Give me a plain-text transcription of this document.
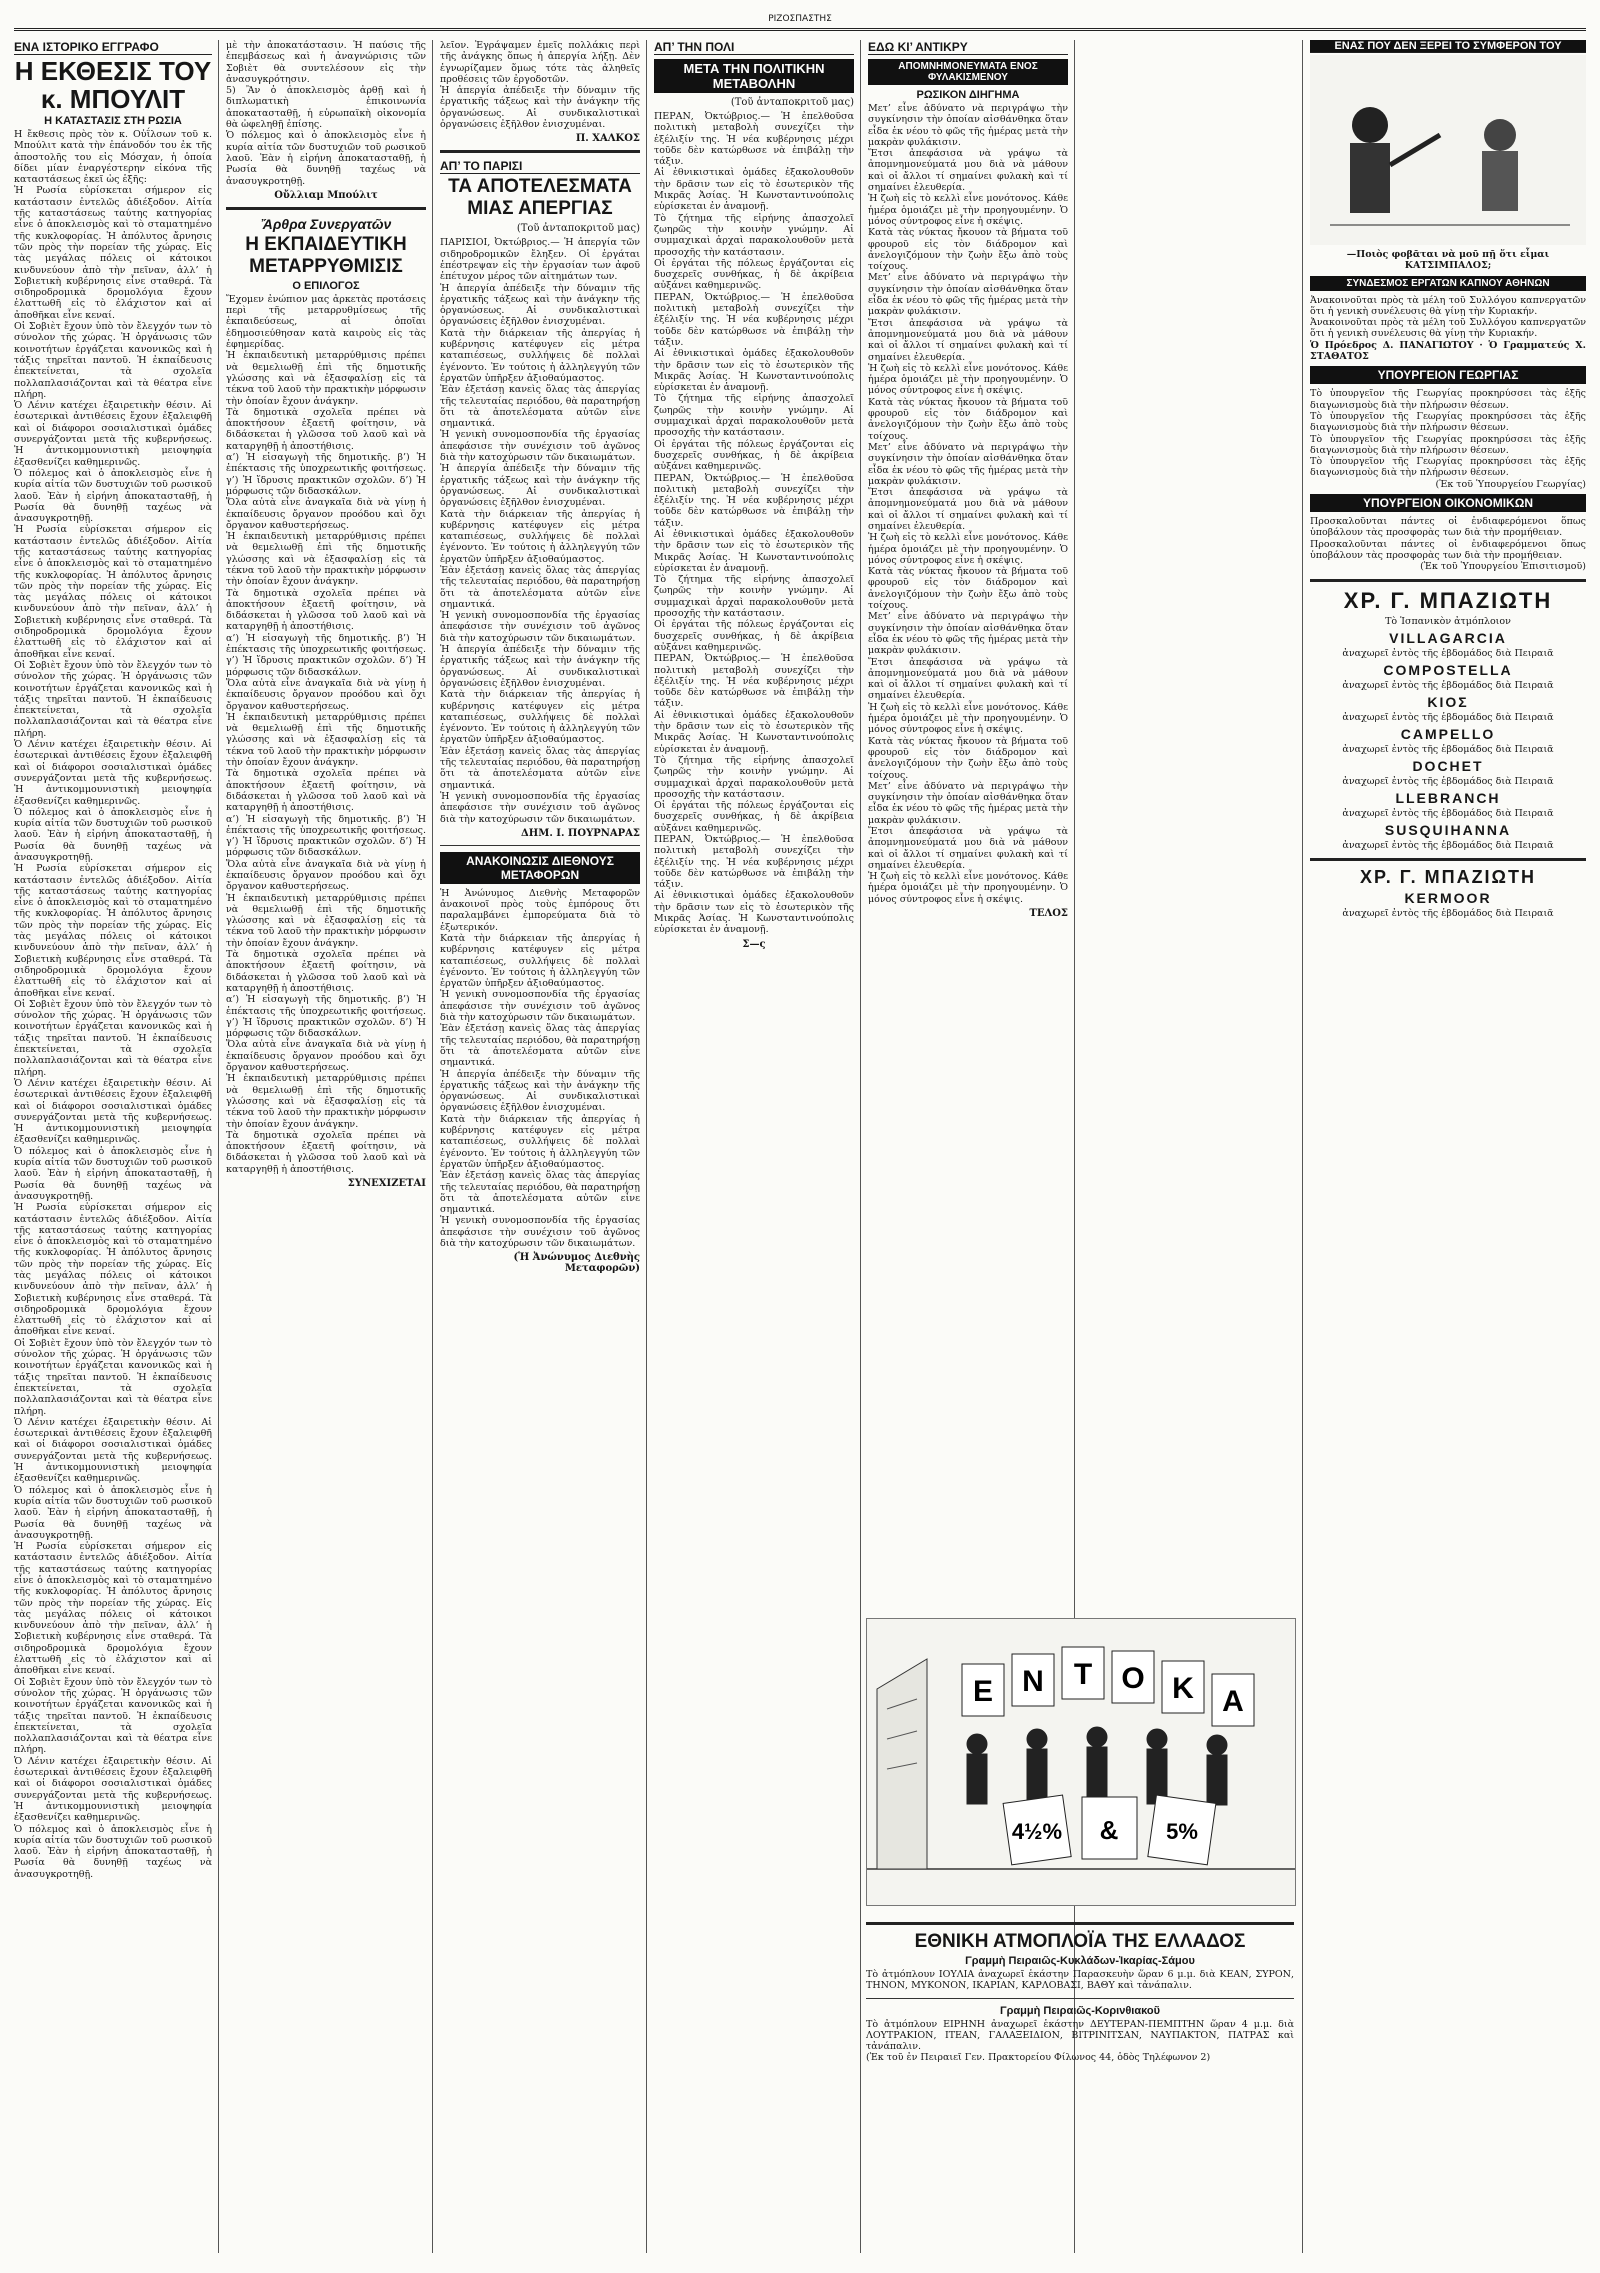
ΡΙΖΟΣΠΑΣΤΗΣ
ΕΝΑ ΙΣΤΟΡΙΚΟ ΕΓΓΡΑΦΟ
Η ΕΚΘΕΣΙΣ ΤΟΥ κ. ΜΠΟΥΛΙΤ
Η ΚΑΤΑΣΤΑΣΙΣ ΣΤΗ ΡΩΣΙΑ

Η ἔκθεσις πρὸς τὸν κ. Οὐΐλσων τοῦ κ. Μπούλιτ κατὰ τὴν ἐπάνοδόν του ἐκ τῆς ἀποστολῆς του εἰς Μόσχαν, ἡ ὁποία δίδει μίαν ἐναργέστερην εἰκόνα τῆς καταστάσεως ἐκεῖ ὡς ἑξῆς:

Ἡ Ρωσία εὑρίσκεται σήμερον εἰς κατάστασιν ἐντελῶς ἀδιέξοδον. Αἰτία τῆς καταστάσεως ταύτης κατηγορίας εἶνε ὁ ἀποκλεισμὸς καὶ τὸ σταματημένο τῆς κυκλοφορίας. Ἡ ἀπόλυτος ἄρνησις τῶν πρὸς τὴν πορείαν τῆς χώρας. Εἰς τὰς μεγάλας πόλεις οἱ κάτοικοι κινδυνεύουν ἀπὸ τὴν πεῖναν, ἀλλ’ ἡ Σοβιετικὴ κυβέρνησις εἶνε σταθερά. Τὰ σιδηροδρομικὰ δρομολόγια ἔχουν ἐλαττωθῆ εἰς τὸ ἐλάχιστον καὶ αἱ ἀποθῆκαι εἶνε κεναί.

Οἱ Σοβιὲτ ἔχουν ὑπὸ τὸν ἔλεγχόν των τὸ σύνολον τῆς χώρας. Ἡ ὀργάνωσις τῶν κοινοτήτων ἐργάζεται κανονικῶς καὶ ἡ τάξις τηρεῖται παντοῦ. Ἡ ἐκπαίδευσις ἐπεκτείνεται, τὰ σχολεῖα πολλαπλασιάζονται καὶ τὰ θέατρα εἶνε πλήρη.

Ὁ Λένιν κατέχει ἐξαιρετικὴν θέσιν. Αἱ ἐσωτερικαὶ ἀντιθέσεις ἔχουν ἐξαλειφθῆ καὶ οἱ διάφοροι σοσιαλιστικαὶ ὁμάδες συνεργάζονται μετὰ τῆς κυβερνήσεως. Ἡ ἀντικομμουνιστικὴ μειοψηφία ἐξασθενίζει καθημερινῶς.

Ὁ πόλεμος καὶ ὁ ἀποκλεισμὸς εἶνε ἡ κυρία αἰτία τῶν δυστυχιῶν τοῦ ρωσικοῦ λαοῦ. Ἐὰν ἡ εἰρήνη ἀποκατασταθῇ, ἡ Ρωσία θὰ δυνηθῇ ταχέως νὰ ἀνασυγκροτηθῇ.

Ἡ Ρωσία εὑρίσκεται σήμερον εἰς κατάστασιν ἐντελῶς ἀδιέξοδον. Αἰτία τῆς καταστάσεως ταύτης κατηγορίας εἶνε ὁ ἀποκλεισμὸς καὶ τὸ σταματημένο τῆς κυκλοφορίας. Ἡ ἀπόλυτος ἄρνησις τῶν πρὸς τὴν πορείαν τῆς χώρας. Εἰς τὰς μεγάλας πόλεις οἱ κάτοικοι κινδυνεύουν ἀπὸ τὴν πεῖναν, ἀλλ’ ἡ Σοβιετικὴ κυβέρνησις εἶνε σταθερά. Τὰ σιδηροδρομικὰ δρομολόγια ἔχουν ἐλαττωθῆ εἰς τὸ ἐλάχιστον καὶ αἱ ἀποθῆκαι εἶνε κεναί.

Οἱ Σοβιὲτ ἔχουν ὑπὸ τὸν ἔλεγχόν των τὸ σύνολον τῆς χώρας. Ἡ ὀργάνωσις τῶν κοινοτήτων ἐργάζεται κανονικῶς καὶ ἡ τάξις τηρεῖται παντοῦ. Ἡ ἐκπαίδευσις ἐπεκτείνεται, τὰ σχολεῖα πολλαπλασιάζονται καὶ τὰ θέατρα εἶνε πλήρη.

Ὁ Λένιν κατέχει ἐξαιρετικὴν θέσιν. Αἱ ἐσωτερικαὶ ἀντιθέσεις ἔχουν ἐξαλειφθῆ καὶ οἱ διάφοροι σοσιαλιστικαὶ ὁμάδες συνεργάζονται μετὰ τῆς κυβερνήσεως. Ἡ ἀντικομμουνιστικὴ μειοψηφία ἐξασθενίζει καθημερινῶς.

Ὁ πόλεμος καὶ ὁ ἀποκλεισμὸς εἶνε ἡ κυρία αἰτία τῶν δυστυχιῶν τοῦ ρωσικοῦ λαοῦ. Ἐὰν ἡ εἰρήνη ἀποκατασταθῇ, ἡ Ρωσία θὰ δυνηθῇ ταχέως νὰ ἀνασυγκροτηθῇ.

Ἡ Ρωσία εὑρίσκεται σήμερον εἰς κατάστασιν ἐντελῶς ἀδιέξοδον. Αἰτία τῆς καταστάσεως ταύτης κατηγορίας εἶνε ὁ ἀποκλεισμὸς καὶ τὸ σταματημένο τῆς κυκλοφορίας. Ἡ ἀπόλυτος ἄρνησις τῶν πρὸς τὴν πορείαν τῆς χώρας. Εἰς τὰς μεγάλας πόλεις οἱ κάτοικοι κινδυνεύουν ἀπὸ τὴν πεῖναν, ἀλλ’ ἡ Σοβιετικὴ κυβέρνησις εἶνε σταθερά. Τὰ σιδηροδρομικὰ δρομολόγια ἔχουν ἐλαττωθῆ εἰς τὸ ἐλάχιστον καὶ αἱ ἀποθῆκαι εἶνε κεναί.

Οἱ Σοβιὲτ ἔχουν ὑπὸ τὸν ἔλεγχόν των τὸ σύνολον τῆς χώρας. Ἡ ὀργάνωσις τῶν κοινοτήτων ἐργάζεται κανονικῶς καὶ ἡ τάξις τηρεῖται παντοῦ. Ἡ ἐκπαίδευσις ἐπεκτείνεται, τὰ σχολεῖα πολλαπλασιάζονται καὶ τὰ θέατρα εἶνε πλήρη.

Ὁ Λένιν κατέχει ἐξαιρετικὴν θέσιν. Αἱ ἐσωτερικαὶ ἀντιθέσεις ἔχουν ἐξαλειφθῆ καὶ οἱ διάφοροι σοσιαλιστικαὶ ὁμάδες συνεργάζονται μετὰ τῆς κυβερνήσεως. Ἡ ἀντικομμουνιστικὴ μειοψηφία ἐξασθενίζει καθημερινῶς.

Ὁ πόλεμος καὶ ὁ ἀποκλεισμὸς εἶνε ἡ κυρία αἰτία τῶν δυστυχιῶν τοῦ ρωσικοῦ λαοῦ. Ἐὰν ἡ εἰρήνη ἀποκατασταθῇ, ἡ Ρωσία θὰ δυνηθῇ ταχέως νὰ ἀνασυγκροτηθῇ.

Ἡ Ρωσία εὑρίσκεται σήμερον εἰς κατάστασιν ἐντελῶς ἀδιέξοδον. Αἰτία τῆς καταστάσεως ταύτης κατηγορίας εἶνε ὁ ἀποκλεισμὸς καὶ τὸ σταματημένο τῆς κυκλοφορίας. Ἡ ἀπόλυτος ἄρνησις τῶν πρὸς τὴν πορείαν τῆς χώρας. Εἰς τὰς μεγάλας πόλεις οἱ κάτοικοι κινδυνεύουν ἀπὸ τὴν πεῖναν, ἀλλ’ ἡ Σοβιετικὴ κυβέρνησις εἶνε σταθερά. Τὰ σιδηροδρομικὰ δρομολόγια ἔχουν ἐλαττωθῆ εἰς τὸ ἐλάχιστον καὶ αἱ ἀποθῆκαι εἶνε κεναί.

Οἱ Σοβιὲτ ἔχουν ὑπὸ τὸν ἔλεγχόν των τὸ σύνολον τῆς χώρας. Ἡ ὀργάνωσις τῶν κοινοτήτων ἐργάζεται κανονικῶς καὶ ἡ τάξις τηρεῖται παντοῦ. Ἡ ἐκπαίδευσις ἐπεκτείνεται, τὰ σχολεῖα πολλαπλασιάζονται καὶ τὰ θέατρα εἶνε πλήρη.

Ὁ Λένιν κατέχει ἐξαιρετικὴν θέσιν. Αἱ ἐσωτερικαὶ ἀντιθέσεις ἔχουν ἐξαλειφθῆ καὶ οἱ διάφοροι σοσιαλιστικαὶ ὁμάδες συνεργάζονται μετὰ τῆς κυβερνήσεως. Ἡ ἀντικομμουνιστικὴ μειοψηφία ἐξασθενίζει καθημερινῶς.

Ὁ πόλεμος καὶ ὁ ἀποκλεισμὸς εἶνε ἡ κυρία αἰτία τῶν δυστυχιῶν τοῦ ρωσικοῦ λαοῦ. Ἐὰν ἡ εἰρήνη ἀποκατασταθῇ, ἡ Ρωσία θὰ δυνηθῇ ταχέως νὰ ἀνασυγκροτηθῇ.

Ἡ Ρωσία εὑρίσκεται σήμερον εἰς κατάστασιν ἐντελῶς ἀδιέξοδον. Αἰτία τῆς καταστάσεως ταύτης κατηγορίας εἶνε ὁ ἀποκλεισμὸς καὶ τὸ σταματημένο τῆς κυκλοφορίας. Ἡ ἀπόλυτος ἄρνησις τῶν πρὸς τὴν πορείαν τῆς χώρας. Εἰς τὰς μεγάλας πόλεις οἱ κάτοικοι κινδυνεύουν ἀπὸ τὴν πεῖναν, ἀλλ’ ἡ Σοβιετικὴ κυβέρνησις εἶνε σταθερά. Τὰ σιδηροδρομικὰ δρομολόγια ἔχουν ἐλαττωθῆ εἰς τὸ ἐλάχιστον καὶ αἱ ἀποθῆκαι εἶνε κεναί.

Οἱ Σοβιὲτ ἔχουν ὑπὸ τὸν ἔλεγχόν των τὸ σύνολον τῆς χώρας. Ἡ ὀργάνωσις τῶν κοινοτήτων ἐργάζεται κανονικῶς καὶ ἡ τάξις τηρεῖται παντοῦ. Ἡ ἐκπαίδευσις ἐπεκτείνεται, τὰ σχολεῖα πολλαπλασιάζονται καὶ τὰ θέατρα εἶνε πλήρη.

Ὁ Λένιν κατέχει ἐξαιρετικὴν θέσιν. Αἱ ἐσωτερικαὶ ἀντιθέσεις ἔχουν ἐξαλειφθῆ καὶ οἱ διάφοροι σοσιαλιστικαὶ ὁμάδες συνεργάζονται μετὰ τῆς κυβερνήσεως. Ἡ ἀντικομμουνιστικὴ μειοψηφία ἐξασθενίζει καθημερινῶς.

Ὁ πόλεμος καὶ ὁ ἀποκλεισμὸς εἶνε ἡ κυρία αἰτία τῶν δυστυχιῶν τοῦ ρωσικοῦ λαοῦ. Ἐὰν ἡ εἰρήνη ἀποκατασταθῇ, ἡ Ρωσία θὰ δυνηθῇ ταχέως νὰ ἀνασυγκροτηθῇ.

μὲ τὴν ἀποκατάστασιν. Ἡ παύσις τῆς ἐπεμβάσεως καὶ ἡ ἀναγνώρισις τῶν Σοβιὲτ θὰ συντελέσουν εἰς τὴν ἀνασυγκρότησιν.

5) Ἂν ὁ ἀποκλεισμὸς ἀρθῇ καὶ ἡ διπλωματικὴ ἐπικοινωνία ἀποκατασταθῇ, ἡ εὐρωπαϊκὴ οἰκονομία θὰ ὠφεληθῇ ἐπίσης.

Ὁ πόλεμος καὶ ὁ ἀποκλεισμὸς εἶνε ἡ κυρία αἰτία τῶν δυστυχιῶν τοῦ ρωσικοῦ λαοῦ. Ἐὰν ἡ εἰρήνη ἀποκατασταθῇ, ἡ Ρωσία θὰ δυνηθῇ ταχέως νὰ ἀνασυγκροτηθῇ.

Οὔλλιαμ Μπούλιτ
Ἄρθρα Συνεργατῶν
Η ΕΚΠΑΙΔΕΥΤΙΚΗ ΜΕΤΑΡΡΥΘΜΙΣΙΣ
Ο ΕΠΙΛΟΓΟΣ

Ἔχομεν ἐνώπιον μας ἀρκετὰς προτάσεις περὶ τῆς μεταρρυθμίσεως τῆς ἐκπαιδεύσεως, αἱ ὁποῖαι ἐδημοσιεύθησαν κατὰ καιροὺς εἰς τὰς ἐφημερίδας.

Ἡ ἐκπαιδευτικὴ μεταρρύθμισις πρέπει νὰ θεμελιωθῇ ἐπὶ τῆς δημοτικῆς γλώσσης καὶ νὰ ἐξασφαλίσῃ εἰς τὰ τέκνα τοῦ λαοῦ τὴν πρακτικὴν μόρφωσιν τὴν ὁποίαν ἔχουν ἀνάγκην.

Τὰ δημοτικὰ σχολεῖα πρέπει νὰ ἀποκτήσουν ἑξαετῆ φοίτησιν, νὰ διδάσκεται ἡ γλῶσσα τοῦ λαοῦ καὶ νὰ καταργηθῇ ἡ ἀποστήθισις.

α’) Ἡ εἰσαγωγὴ τῆς δημοτικῆς. β’) Ἡ ἐπέκτασις τῆς ὑποχρεωτικῆς φοιτήσεως. γ’) Ἡ ἵδρυσις πρακτικῶν σχολῶν. δ’) Ἡ μόρφωσις τῶν διδασκάλων.

Ὅλα αὐτὰ εἶνε ἀναγκαῖα διὰ νὰ γίνῃ ἡ ἐκπαίδευσις ὄργανον προόδου καὶ ὄχι ὄργανον καθυστερήσεως.

Ἡ ἐκπαιδευτικὴ μεταρρύθμισις πρέπει νὰ θεμελιωθῇ ἐπὶ τῆς δημοτικῆς γλώσσης καὶ νὰ ἐξασφαλίσῃ εἰς τὰ τέκνα τοῦ λαοῦ τὴν πρακτικὴν μόρφωσιν τὴν ὁποίαν ἔχουν ἀνάγκην.

Τὰ δημοτικὰ σχολεῖα πρέπει νὰ ἀποκτήσουν ἑξαετῆ φοίτησιν, νὰ διδάσκεται ἡ γλῶσσα τοῦ λαοῦ καὶ νὰ καταργηθῇ ἡ ἀποστήθισις.

α’) Ἡ εἰσαγωγὴ τῆς δημοτικῆς. β’) Ἡ ἐπέκτασις τῆς ὑποχρεωτικῆς φοιτήσεως. γ’) Ἡ ἵδρυσις πρακτικῶν σχολῶν. δ’) Ἡ μόρφωσις τῶν διδασκάλων.

Ὅλα αὐτὰ εἶνε ἀναγκαῖα διὰ νὰ γίνῃ ἡ ἐκπαίδευσις ὄργανον προόδου καὶ ὄχι ὄργανον καθυστερήσεως.

Ἡ ἐκπαιδευτικὴ μεταρρύθμισις πρέπει νὰ θεμελιωθῇ ἐπὶ τῆς δημοτικῆς γλώσσης καὶ νὰ ἐξασφαλίσῃ εἰς τὰ τέκνα τοῦ λαοῦ τὴν πρακτικὴν μόρφωσιν τὴν ὁποίαν ἔχουν ἀνάγκην.

Τὰ δημοτικὰ σχολεῖα πρέπει νὰ ἀποκτήσουν ἑξαετῆ φοίτησιν, νὰ διδάσκεται ἡ γλῶσσα τοῦ λαοῦ καὶ νὰ καταργηθῇ ἡ ἀποστήθισις.

α’) Ἡ εἰσαγωγὴ τῆς δημοτικῆς. β’) Ἡ ἐπέκτασις τῆς ὑποχρεωτικῆς φοιτήσεως. γ’) Ἡ ἵδρυσις πρακτικῶν σχολῶν. δ’) Ἡ μόρφωσις τῶν διδασκάλων.

Ὅλα αὐτὰ εἶνε ἀναγκαῖα διὰ νὰ γίνῃ ἡ ἐκπαίδευσις ὄργανον προόδου καὶ ὄχι ὄργανον καθυστερήσεως.

Ἡ ἐκπαιδευτικὴ μεταρρύθμισις πρέπει νὰ θεμελιωθῇ ἐπὶ τῆς δημοτικῆς γλώσσης καὶ νὰ ἐξασφαλίσῃ εἰς τὰ τέκνα τοῦ λαοῦ τὴν πρακτικὴν μόρφωσιν τὴν ὁποίαν ἔχουν ἀνάγκην.

Τὰ δημοτικὰ σχολεῖα πρέπει νὰ ἀποκτήσουν ἑξαετῆ φοίτησιν, νὰ διδάσκεται ἡ γλῶσσα τοῦ λαοῦ καὶ νὰ καταργηθῇ ἡ ἀποστήθισις.

α’) Ἡ εἰσαγωγὴ τῆς δημοτικῆς. β’) Ἡ ἐπέκτασις τῆς ὑποχρεωτικῆς φοιτήσεως. γ’) Ἡ ἵδρυσις πρακτικῶν σχολῶν. δ’) Ἡ μόρφωσις τῶν διδασκάλων.

Ὅλα αὐτὰ εἶνε ἀναγκαῖα διὰ νὰ γίνῃ ἡ ἐκπαίδευσις ὄργανον προόδου καὶ ὄχι ὄργανον καθυστερήσεως.

Ἡ ἐκπαιδευτικὴ μεταρρύθμισις πρέπει νὰ θεμελιωθῇ ἐπὶ τῆς δημοτικῆς γλώσσης καὶ νὰ ἐξασφαλίσῃ εἰς τὰ τέκνα τοῦ λαοῦ τὴν πρακτικὴν μόρφωσιν τὴν ὁποίαν ἔχουν ἀνάγκην.

Τὰ δημοτικὰ σχολεῖα πρέπει νὰ ἀποκτήσουν ἑξαετῆ φοίτησιν, νὰ διδάσκεται ἡ γλῶσσα τοῦ λαοῦ καὶ νὰ καταργηθῇ ἡ ἀποστήθισις.

ΣΥΝΕΧΙΖΕΤΑΙ

λεῖον. Ἐγράψαμεν ἐμεῖς πολλάκις περὶ τῆς ἀνάγκης ὅπως ἡ ἀπεργία λήξῃ. Δὲν ἐγνωρίζαμεν ὅμως τότε τὰς ἀληθεῖς προθέσεις τῶν ἐργοδοτῶν.

Ἡ ἀπεργία ἀπέδειξε τὴν δύναμιν τῆς ἐργατικῆς τάξεως καὶ τὴν ἀνάγκην τῆς ὀργανώσεως. Αἱ συνδικαλιστικαὶ ὀργανώσεις ἐξῆλθον ἐνισχυμέναι.

Π. ΧΑΛΚΟΣ
ΑΠ’ ΤΟ ΠΑΡΙΣΙ
ΤΑ ΑΠΟΤΕΛΕΣΜΑΤΑ ΜΙΑΣ ΑΠΕΡΓΙΑΣ
(Τοῦ ἀνταποκριτοῦ μας)

ΠΑΡΙΣΙΟΙ, Ὀκτώβριος.— Ἡ ἀπεργία τῶν σιδηροδρομικῶν ἔληξεν. Οἱ ἐργάται ἐπέστρεψαν εἰς τὴν ἐργασίαν των ἀφοῦ ἐπέτυχον μέρος τῶν αἰτημάτων των.

Ἡ ἀπεργία ἀπέδειξε τὴν δύναμιν τῆς ἐργατικῆς τάξεως καὶ τὴν ἀνάγκην τῆς ὀργανώσεως. Αἱ συνδικαλιστικαὶ ὀργανώσεις ἐξῆλθον ἐνισχυμέναι.

Κατὰ τὴν διάρκειαν τῆς ἀπεργίας ἡ κυβέρνησις κατέφυγεν εἰς μέτρα καταπιέσεως, συλλήψεις δὲ πολλαὶ ἐγένοντο. Ἐν τούτοις ἡ ἀλληλεγγύη τῶν ἐργατῶν ὑπῆρξεν ἀξιοθαύμαστος.

Ἐὰν ἐξετάσῃ κανεὶς ὅλας τὰς ἀπεργίας τῆς τελευταίας περιόδου, θὰ παρατηρήσῃ ὅτι τὰ ἀποτελέσματα αὐτῶν εἶνε σημαντικά.

Ἡ γενικὴ συνομοσπονδία τῆς ἐργασίας ἀπεφάσισε τὴν συνέχισιν τοῦ ἀγῶνος διὰ τὴν κατοχύρωσιν τῶν δικαιωμάτων.

Ἡ ἀπεργία ἀπέδειξε τὴν δύναμιν τῆς ἐργατικῆς τάξεως καὶ τὴν ἀνάγκην τῆς ὀργανώσεως. Αἱ συνδικαλιστικαὶ ὀργανώσεις ἐξῆλθον ἐνισχυμέναι.

Κατὰ τὴν διάρκειαν τῆς ἀπεργίας ἡ κυβέρνησις κατέφυγεν εἰς μέτρα καταπιέσεως, συλλήψεις δὲ πολλαὶ ἐγένοντο. Ἐν τούτοις ἡ ἀλληλεγγύη τῶν ἐργατῶν ὑπῆρξεν ἀξιοθαύμαστος.

Ἐὰν ἐξετάσῃ κανεὶς ὅλας τὰς ἀπεργίας τῆς τελευταίας περιόδου, θὰ παρατηρήσῃ ὅτι τὰ ἀποτελέσματα αὐτῶν εἶνε σημαντικά.

Ἡ γενικὴ συνομοσπονδία τῆς ἐργασίας ἀπεφάσισε τὴν συνέχισιν τοῦ ἀγῶνος διὰ τὴν κατοχύρωσιν τῶν δικαιωμάτων.

Ἡ ἀπεργία ἀπέδειξε τὴν δύναμιν τῆς ἐργατικῆς τάξεως καὶ τὴν ἀνάγκην τῆς ὀργανώσεως. Αἱ συνδικαλιστικαὶ ὀργανώσεις ἐξῆλθον ἐνισχυμέναι.

Κατὰ τὴν διάρκειαν τῆς ἀπεργίας ἡ κυβέρνησις κατέφυγεν εἰς μέτρα καταπιέσεως, συλλήψεις δὲ πολλαὶ ἐγένοντο. Ἐν τούτοις ἡ ἀλληλεγγύη τῶν ἐργατῶν ὑπῆρξεν ἀξιοθαύμαστος.

Ἐὰν ἐξετάσῃ κανεὶς ὅλας τὰς ἀπεργίας τῆς τελευταίας περιόδου, θὰ παρατηρήσῃ ὅτι τὰ ἀποτελέσματα αὐτῶν εἶνε σημαντικά.

Ἡ γενικὴ συνομοσπονδία τῆς ἐργασίας ἀπεφάσισε τὴν συνέχισιν τοῦ ἀγῶνος διὰ τὴν κατοχύρωσιν τῶν δικαιωμάτων.

ΔΗΜ. Ι. ΠΟΥΡΝΑΡΑΣ
ΑΝΑΚΟΙΝΩΣΙΣ ΔΙΕΘΝΟΥΣ ΜΕΤΑΦΟΡΩΝ

Ἡ Ἀνώνυμος Διεθνὴς Μεταφορῶν ἀνακοινοῖ πρὸς τοὺς ἐμπόρους ὅτι παραλαμβάνει ἐμπορεύματα διὰ τὸ ἐξωτερικόν.

Κατὰ τὴν διάρκειαν τῆς ἀπεργίας ἡ κυβέρνησις κατέφυγεν εἰς μέτρα καταπιέσεως, συλλήψεις δὲ πολλαὶ ἐγένοντο. Ἐν τούτοις ἡ ἀλληλεγγύη τῶν ἐργατῶν ὑπῆρξεν ἀξιοθαύμαστος.

Ἡ γενικὴ συνομοσπονδία τῆς ἐργασίας ἀπεφάσισε τὴν συνέχισιν τοῦ ἀγῶνος διὰ τὴν κατοχύρωσιν τῶν δικαιωμάτων.

Ἐὰν ἐξετάσῃ κανεὶς ὅλας τὰς ἀπεργίας τῆς τελευταίας περιόδου, θὰ παρατηρήσῃ ὅτι τὰ ἀποτελέσματα αὐτῶν εἶνε σημαντικά.

Ἡ ἀπεργία ἀπέδειξε τὴν δύναμιν τῆς ἐργατικῆς τάξεως καὶ τὴν ἀνάγκην τῆς ὀργανώσεως. Αἱ συνδικαλιστικαὶ ὀργανώσεις ἐξῆλθον ἐνισχυμέναι.

Κατὰ τὴν διάρκειαν τῆς ἀπεργίας ἡ κυβέρνησις κατέφυγεν εἰς μέτρα καταπιέσεως, συλλήψεις δὲ πολλαὶ ἐγένοντο. Ἐν τούτοις ἡ ἀλληλεγγύη τῶν ἐργατῶν ὑπῆρξεν ἀξιοθαύμαστος.

Ἐὰν ἐξετάσῃ κανεὶς ὅλας τὰς ἀπεργίας τῆς τελευταίας περιόδου, θὰ παρατηρήσῃ ὅτι τὰ ἀποτελέσματα αὐτῶν εἶνε σημαντικά.

Ἡ γενικὴ συνομοσπονδία τῆς ἐργασίας ἀπεφάσισε τὴν συνέχισιν τοῦ ἀγῶνος διὰ τὴν κατοχύρωσιν τῶν δικαιωμάτων.

(Ἡ Ἀνώνυμος Διεθνὴς Μεταφορῶν)
ΑΠ’ ΤΗΝ ΠΟΛΙ
ΜΕΤΑ ΤΗΝ ΠΟΛΙΤΙΚΗΝ ΜΕΤΑΒΟΛΗΝ
(Τοῦ ἀνταποκριτοῦ μας)

ΠΕΡΑΝ, Ὀκτώβριος.— Ἡ ἐπελθοῦσα πολιτικὴ μεταβολὴ συνεχίζει τὴν ἐξέλιξίν της. Ἡ νέα κυβέρνησις μέχρι τοῦδε δὲν κατώρθωσε νὰ ἐπιβάλῃ τὴν τάξιν.

Αἱ ἐθνικιστικαὶ ὁμάδες ἐξακολουθοῦν τὴν δρᾶσιν των εἰς τὸ ἐσωτερικὸν τῆς Μικρᾶς Ἀσίας. Ἡ Κωνσταντινούπολις εὑρίσκεται ἐν ἀναμονῇ.

Τὸ ζήτημα τῆς εἰρήνης ἀπασχολεῖ ζωηρῶς τὴν κοινὴν γνώμην. Αἱ συμμαχικαὶ ἀρχαὶ παρακολουθοῦν μετὰ προσοχῆς τὴν κατάστασιν.

Οἱ ἐργάται τῆς πόλεως ἐργάζονται εἰς δυσχερεῖς συνθήκας, ἡ δὲ ἀκρίβεια αὐξάνει καθημερινῶς.

ΠΕΡΑΝ, Ὀκτώβριος.— Ἡ ἐπελθοῦσα πολιτικὴ μεταβολὴ συνεχίζει τὴν ἐξέλιξίν της. Ἡ νέα κυβέρνησις μέχρι τοῦδε δὲν κατώρθωσε νὰ ἐπιβάλῃ τὴν τάξιν.

Αἱ ἐθνικιστικαὶ ὁμάδες ἐξακολουθοῦν τὴν δρᾶσιν των εἰς τὸ ἐσωτερικὸν τῆς Μικρᾶς Ἀσίας. Ἡ Κωνσταντινούπολις εὑρίσκεται ἐν ἀναμονῇ.

Τὸ ζήτημα τῆς εἰρήνης ἀπασχολεῖ ζωηρῶς τὴν κοινὴν γνώμην. Αἱ συμμαχικαὶ ἀρχαὶ παρακολουθοῦν μετὰ προσοχῆς τὴν κατάστασιν.

Οἱ ἐργάται τῆς πόλεως ἐργάζονται εἰς δυσχερεῖς συνθήκας, ἡ δὲ ἀκρίβεια αὐξάνει καθημερινῶς.

ΠΕΡΑΝ, Ὀκτώβριος.— Ἡ ἐπελθοῦσα πολιτικὴ μεταβολὴ συνεχίζει τὴν ἐξέλιξίν της. Ἡ νέα κυβέρνησις μέχρι τοῦδε δὲν κατώρθωσε νὰ ἐπιβάλῃ τὴν τάξιν.

Αἱ ἐθνικιστικαὶ ὁμάδες ἐξακολουθοῦν τὴν δρᾶσιν των εἰς τὸ ἐσωτερικὸν τῆς Μικρᾶς Ἀσίας. Ἡ Κωνσταντινούπολις εὑρίσκεται ἐν ἀναμονῇ.

Τὸ ζήτημα τῆς εἰρήνης ἀπασχολεῖ ζωηρῶς τὴν κοινὴν γνώμην. Αἱ συμμαχικαὶ ἀρχαὶ παρακολουθοῦν μετὰ προσοχῆς τὴν κατάστασιν.

Οἱ ἐργάται τῆς πόλεως ἐργάζονται εἰς δυσχερεῖς συνθήκας, ἡ δὲ ἀκρίβεια αὐξάνει καθημερινῶς.

ΠΕΡΑΝ, Ὀκτώβριος.— Ἡ ἐπελθοῦσα πολιτικὴ μεταβολὴ συνεχίζει τὴν ἐξέλιξίν της. Ἡ νέα κυβέρνησις μέχρι τοῦδε δὲν κατώρθωσε νὰ ἐπιβάλῃ τὴν τάξιν.

Αἱ ἐθνικιστικαὶ ὁμάδες ἐξακολουθοῦν τὴν δρᾶσιν των εἰς τὸ ἐσωτερικὸν τῆς Μικρᾶς Ἀσίας. Ἡ Κωνσταντινούπολις εὑρίσκεται ἐν ἀναμονῇ.

Τὸ ζήτημα τῆς εἰρήνης ἀπασχολεῖ ζωηρῶς τὴν κοινὴν γνώμην. Αἱ συμμαχικαὶ ἀρχαὶ παρακολουθοῦν μετὰ προσοχῆς τὴν κατάστασιν.

Οἱ ἐργάται τῆς πόλεως ἐργάζονται εἰς δυσχερεῖς συνθήκας, ἡ δὲ ἀκρίβεια αὐξάνει καθημερινῶς.

ΠΕΡΑΝ, Ὀκτώβριος.— Ἡ ἐπελθοῦσα πολιτικὴ μεταβολὴ συνεχίζει τὴν ἐξέλιξίν της. Ἡ νέα κυβέρνησις μέχρι τοῦδε δὲν κατώρθωσε νὰ ἐπιβάλῃ τὴν τάξιν.

Αἱ ἐθνικιστικαὶ ὁμάδες ἐξακολουθοῦν τὴν δρᾶσιν των εἰς τὸ ἐσωτερικὸν τῆς Μικρᾶς Ἀσίας. Ἡ Κωνσταντινούπολις εὑρίσκεται ἐν ἀναμονῇ.

Σ—ς
ΕΔΩ ΚΙ’ ΑΝΤΙΚΡΥ
ΑΠΟΜΝΗΜΟΝΕΥΜΑΤΑ ΕΝΟΣ ΦΥΛΑΚΙΣΜΕΝΟΥ
ΡΩΣΙΚΟΝ ΔΙΗΓΗΜΑ

Μετ’ εἶνε ἀδύνατο νὰ περιγράψω τὴν συγκίνησιν τὴν ὁποίαν αἰσθάνθηκα ὅταν εἶδα ἐκ νέου τὸ φῶς τῆς ἡμέρας μετὰ τὴν μακρὰν φυλάκισιν.

Ἔτσι ἀπεφάσισα νὰ γράψω τὰ ἀπομνημονεύματά μου διὰ νὰ μάθουν καὶ οἱ ἄλλοι τί σημαίνει φυλακὴ καὶ τί σημαίνει ἐλευθερία.

Ἡ ζωὴ εἰς τὸ κελλὶ εἶνε μονότονος. Κάθε ἡμέρα ὁμοιάζει μὲ τὴν προηγουμένην. Ὁ μόνος σύντροφος εἶνε ἡ σκέψις.

Κατὰ τὰς νύκτας ἤκουον τὰ βήματα τοῦ φρουροῦ εἰς τὸν διάδρομον καὶ ἀνελογιζόμουν τὴν ζωὴν ἔξω ἀπὸ τοὺς τοίχους.

Μετ’ εἶνε ἀδύνατο νὰ περιγράψω τὴν συγκίνησιν τὴν ὁποίαν αἰσθάνθηκα ὅταν εἶδα ἐκ νέου τὸ φῶς τῆς ἡμέρας μετὰ τὴν μακρὰν φυλάκισιν.

Ἔτσι ἀπεφάσισα νὰ γράψω τὰ ἀπομνημονεύματά μου διὰ νὰ μάθουν καὶ οἱ ἄλλοι τί σημαίνει φυλακὴ καὶ τί σημαίνει ἐλευθερία.

Ἡ ζωὴ εἰς τὸ κελλὶ εἶνε μονότονος. Κάθε ἡμέρα ὁμοιάζει μὲ τὴν προηγουμένην. Ὁ μόνος σύντροφος εἶνε ἡ σκέψις.

Κατὰ τὰς νύκτας ἤκουον τὰ βήματα τοῦ φρουροῦ εἰς τὸν διάδρομον καὶ ἀνελογιζόμουν τὴν ζωὴν ἔξω ἀπὸ τοὺς τοίχους.

Μετ’ εἶνε ἀδύνατο νὰ περιγράψω τὴν συγκίνησιν τὴν ὁποίαν αἰσθάνθηκα ὅταν εἶδα ἐκ νέου τὸ φῶς τῆς ἡμέρας μετὰ τὴν μακρὰν φυλάκισιν.

Ἔτσι ἀπεφάσισα νὰ γράψω τὰ ἀπομνημονεύματά μου διὰ νὰ μάθουν καὶ οἱ ἄλλοι τί σημαίνει φυλακὴ καὶ τί σημαίνει ἐλευθερία.

Ἡ ζωὴ εἰς τὸ κελλὶ εἶνε μονότονος. Κάθε ἡμέρα ὁμοιάζει μὲ τὴν προηγουμένην. Ὁ μόνος σύντροφος εἶνε ἡ σκέψις.

Κατὰ τὰς νύκτας ἤκουον τὰ βήματα τοῦ φρουροῦ εἰς τὸν διάδρομον καὶ ἀνελογιζόμουν τὴν ζωὴν ἔξω ἀπὸ τοὺς τοίχους.

Μετ’ εἶνε ἀδύνατο νὰ περιγράψω τὴν συγκίνησιν τὴν ὁποίαν αἰσθάνθηκα ὅταν εἶδα ἐκ νέου τὸ φῶς τῆς ἡμέρας μετὰ τὴν μακρὰν φυλάκισιν.

Ἔτσι ἀπεφάσισα νὰ γράψω τὰ ἀπομνημονεύματά μου διὰ νὰ μάθουν καὶ οἱ ἄλλοι τί σημαίνει φυλακὴ καὶ τί σημαίνει ἐλευθερία.

Ἡ ζωὴ εἰς τὸ κελλὶ εἶνε μονότονος. Κάθε ἡμέρα ὁμοιάζει μὲ τὴν προηγουμένην. Ὁ μόνος σύντροφος εἶνε ἡ σκέψις.

Κατὰ τὰς νύκτας ἤκουον τὰ βήματα τοῦ φρουροῦ εἰς τὸν διάδρομον καὶ ἀνελογιζόμουν τὴν ζωὴν ἔξω ἀπὸ τοὺς τοίχους.

Μετ’ εἶνε ἀδύνατο νὰ περιγράψω τὴν συγκίνησιν τὴν ὁποίαν αἰσθάνθηκα ὅταν εἶδα ἐκ νέου τὸ φῶς τῆς ἡμέρας μετὰ τὴν μακρὰν φυλάκισιν.

Ἔτσι ἀπεφάσισα νὰ γράψω τὰ ἀπομνημονεύματά μου διὰ νὰ μάθουν καὶ οἱ ἄλλοι τί σημαίνει φυλακὴ καὶ τί σημαίνει ἐλευθερία.

Ἡ ζωὴ εἰς τὸ κελλὶ εἶνε μονότονος. Κάθε ἡμέρα ὁμοιάζει μὲ τὴν προηγουμένην. Ὁ μόνος σύντροφος εἶνε ἡ σκέψις.

ΤΕΛΟΣ
E N T O K A
4½% & 5%
ΕΘΝΙΚΗ ΑΤΜΟΠΛΟΪΑ ΤΗΣ ΕΛΛΑΔΟΣ
Γραμμὴ Πειραιῶς-Κυκλάδων-Ἰκαρίας-Σάμου

Τὸ ἀτμόπλουν ΙΟΥΛΙΑ ἀναχωρεῖ ἑκάστην Παρασκευὴν ὥραν 6 μ.μ. διὰ ΚΕΑΝ, ΣΥΡΟΝ, ΤΗΝΟΝ, ΜΥΚΟΝΟΝ, ΙΚΑΡΙΑΝ, ΚΑΡΛΟΒΑΣΙ, ΒΑΘΥ καὶ τἀνάπαλιν.

Γραμμὴ Πειραιῶς-Κορινθιακοῦ

Τὸ ἀτμόπλουν ΕΙΡΗΝΗ ἀναχωρεῖ ἑκάστην ΔΕΥΤΕΡΑΝ-ΠΕΜΠΤΗΝ ὥραν 4 μ.μ. διὰ ΛΟΥΤΡΑΚΙΟΝ, ΙΤΕΑΝ, ΓΑΛΑΞΕΙΔΙΟΝ, ΒΙΤΡΙΝΙΤΣΑΝ, ΝΑΥΠΑΚΤΟΝ, ΠΑΤΡΑΣ καὶ τἀνάπαλιν.

(Ἐκ τοῦ ἐν Πειραιεῖ Γεν. Πρακτορείου Φίλωνος 44, ὁδὸς Τηλέφωνον 2)

ΕΝΑΣ ΠΟΥ ΔΕΝ ΞΕΡΕΙ ΤΟ ΣΥΜΦΕΡΟΝ ΤΟΥ

—Ποιὸς φοβᾶται νὰ μοῦ πῇ ὅτι εἶμαι ΚΑΤΣΙΜΠΑΛΟΣ;

ΣΥΝΔΕΣΜΟΣ ΕΡΓΑΤΩΝ ΚΑΠΝΟΥ ΑΘΗΝΩΝ

Ἀνακοινοῦται πρὸς τὰ μέλη τοῦ Συλλόγου καπνεργατῶν ὅτι ἡ γενικὴ συνέλευσις θὰ γίνῃ τὴν Κυριακήν.

Ἀνακοινοῦται πρὸς τὰ μέλη τοῦ Συλλόγου καπνεργατῶν ὅτι ἡ γενικὴ συνέλευσις θὰ γίνῃ τὴν Κυριακήν.

Ὁ Πρόεδρος Δ. ΠΑΝΑΓΙΩΤΟΥ · Ὁ Γραμματεύς Χ. ΣΤΑΘΑΤΟΣ

ΥΠΟΥΡΓΕΙΟΝ ΓΕΩΡΓΙΑΣ

Τὸ ὑπουργεῖον τῆς Γεωργίας προκηρύσσει τὰς ἑξῆς διαγωνισμοὺς διὰ τὴν πλήρωσιν θέσεων.

Τὸ ὑπουργεῖον τῆς Γεωργίας προκηρύσσει τὰς ἑξῆς διαγωνισμοὺς διὰ τὴν πλήρωσιν θέσεων.

Τὸ ὑπουργεῖον τῆς Γεωργίας προκηρύσσει τὰς ἑξῆς διαγωνισμοὺς διὰ τὴν πλήρωσιν θέσεων.

Τὸ ὑπουργεῖον τῆς Γεωργίας προκηρύσσει τὰς ἑξῆς διαγωνισμοὺς διὰ τὴν πλήρωσιν θέσεων.

(Ἐκ τοῦ Ὑπουργείου Γεωργίας)

ΥΠΟΥΡΓΕΙΟΝ ΟΙΚΟΝΟΜΙΚΩΝ

Προσκαλοῦνται πάντες οἱ ἐνδιαφερόμενοι ὅπως ὑποβάλουν τὰς προσφορὰς των διὰ τὴν προμήθειαν.

Προσκαλοῦνται πάντες οἱ ἐνδιαφερόμενοι ὅπως ὑποβάλουν τὰς προσφορὰς των διὰ τὴν προμήθειαν.

(Ἐκ τοῦ Ὑπουργείου Ἐπισιτισμοῦ)

ΧΡ. Γ. ΜΠΑΖΙΩΤΗ
Τὸ Ἱσπανικὸν ἀτμόπλοιον
VILLAGARCIA
ἀναχωρεῖ ἐντὸς τῆς ἑβδομάδος διὰ Πειραιᾶ
COMPOSTELLA
ἀναχωρεῖ ἐντὸς τῆς ἑβδομάδος διὰ Πειραιᾶ
ΚΙΟΣ
ἀναχωρεῖ ἐντὸς τῆς ἑβδομάδος διὰ Πειραιᾶ
CAMPELLO
ἀναχωρεῖ ἐντὸς τῆς ἑβδομάδος διὰ Πειραιᾶ
DOCHET
ἀναχωρεῖ ἐντὸς τῆς ἑβδομάδος διὰ Πειραιᾶ
LLEBRANCH
ἀναχωρεῖ ἐντὸς τῆς ἑβδομάδος διὰ Πειραιᾶ
SUSQUIHANNA
ἀναχωρεῖ ἐντὸς τῆς ἑβδομάδος διὰ Πειραιᾶ
ΧΡ. Γ. ΜΠΑΖΙΩΤΗ
KERMOOR
ἀναχωρεῖ ἐντὸς τῆς ἑβδομάδος διὰ Πειραιᾶ
